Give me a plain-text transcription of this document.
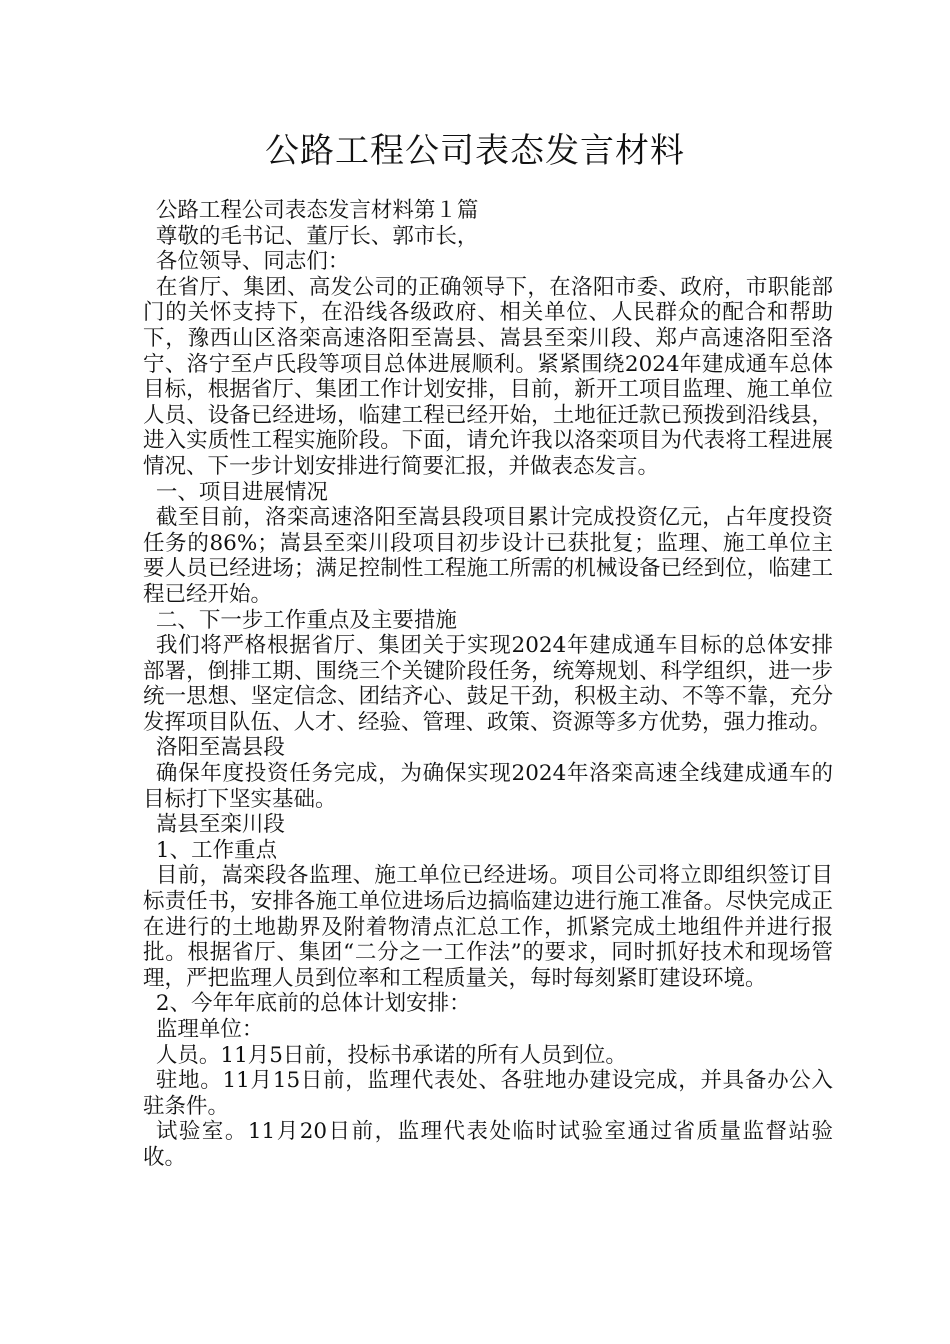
公路工程公司表态发言材料

公路工程公司表态发言材料第１篇

尊敬的毛书记、董厅长、郭市长，

各位领导、同志们：

在省厅、集团、高发公司的正确领导下，在洛阳市委、政府，市职能部门的关怀支持下，在沿线各级政府、相关单位、人民群众的配合和帮助下，豫西山区洛栾高速洛阳至嵩县、嵩县至栾川段、郑卢高速洛阳至洛宁、洛宁至卢氏段等项目总体进展顺利。紧紧围绕2024年建成通车总体目标，根据省厅、集团工作计划安排，目前，新开工项目监理、施工单位人员、设备已经进场，临建工程已经开始，土地征迁款已预拨到沿线县，进入实质性工程实施阶段。下面，请允许我以洛栾项目为代表将工程进展情况、下一步计划安排进行简要汇报，并做表态发言。

一、项目进展情况

截至目前，洛栾高速洛阳至嵩县段项目累计完成投资亿元，占年度投资任务的86%；嵩县至栾川段项目初步设计已获批复；监理、施工单位主要人员已经进场；满足控制性工程施工所需的机械设备已经到位，临建工程已经开始。

二、下一步工作重点及主要措施

我们将严格根据省厅、集团关于实现2024年建成通车目标的总体安排部署，倒排工期、围绕三个关键阶段任务，统筹规划、科学组织，进一步统一思想、坚定信念、团结齐心、鼓足干劲，积极主动、不等不靠，充分发挥项目队伍、人才、经验、管理、政策、资源等多方优势，强力推动。

洛阳至嵩县段

确保年度投资任务完成，为确保实现2024年洛栾高速全线建成通车的目标打下坚实基础。

嵩县至栾川段

1、工作重点

目前，嵩栾段各监理、施工单位已经进场。项目公司将立即组织签订目标责任书，安排各施工单位进场后边搞临建边进行施工准备。尽快完成正在进行的土地勘界及附着物清点汇总工作，抓紧完成土地组件并进行报批。根据省厅、集团“二分之一工作法”的要求，同时抓好技术和现场管理，严把监理人员到位率和工程质量关，每时每刻紧盯建设环境。

2、今年年底前的总体计划安排：

监理单位：

人员。11月5日前，投标书承诺的所有人员到位。

驻地。11月15日前，监理代表处、各驻地办建设完成，并具备办公入驻条件。

试验室。11月20日前，监理代表处临时试验室通过省质量监督站验收。
